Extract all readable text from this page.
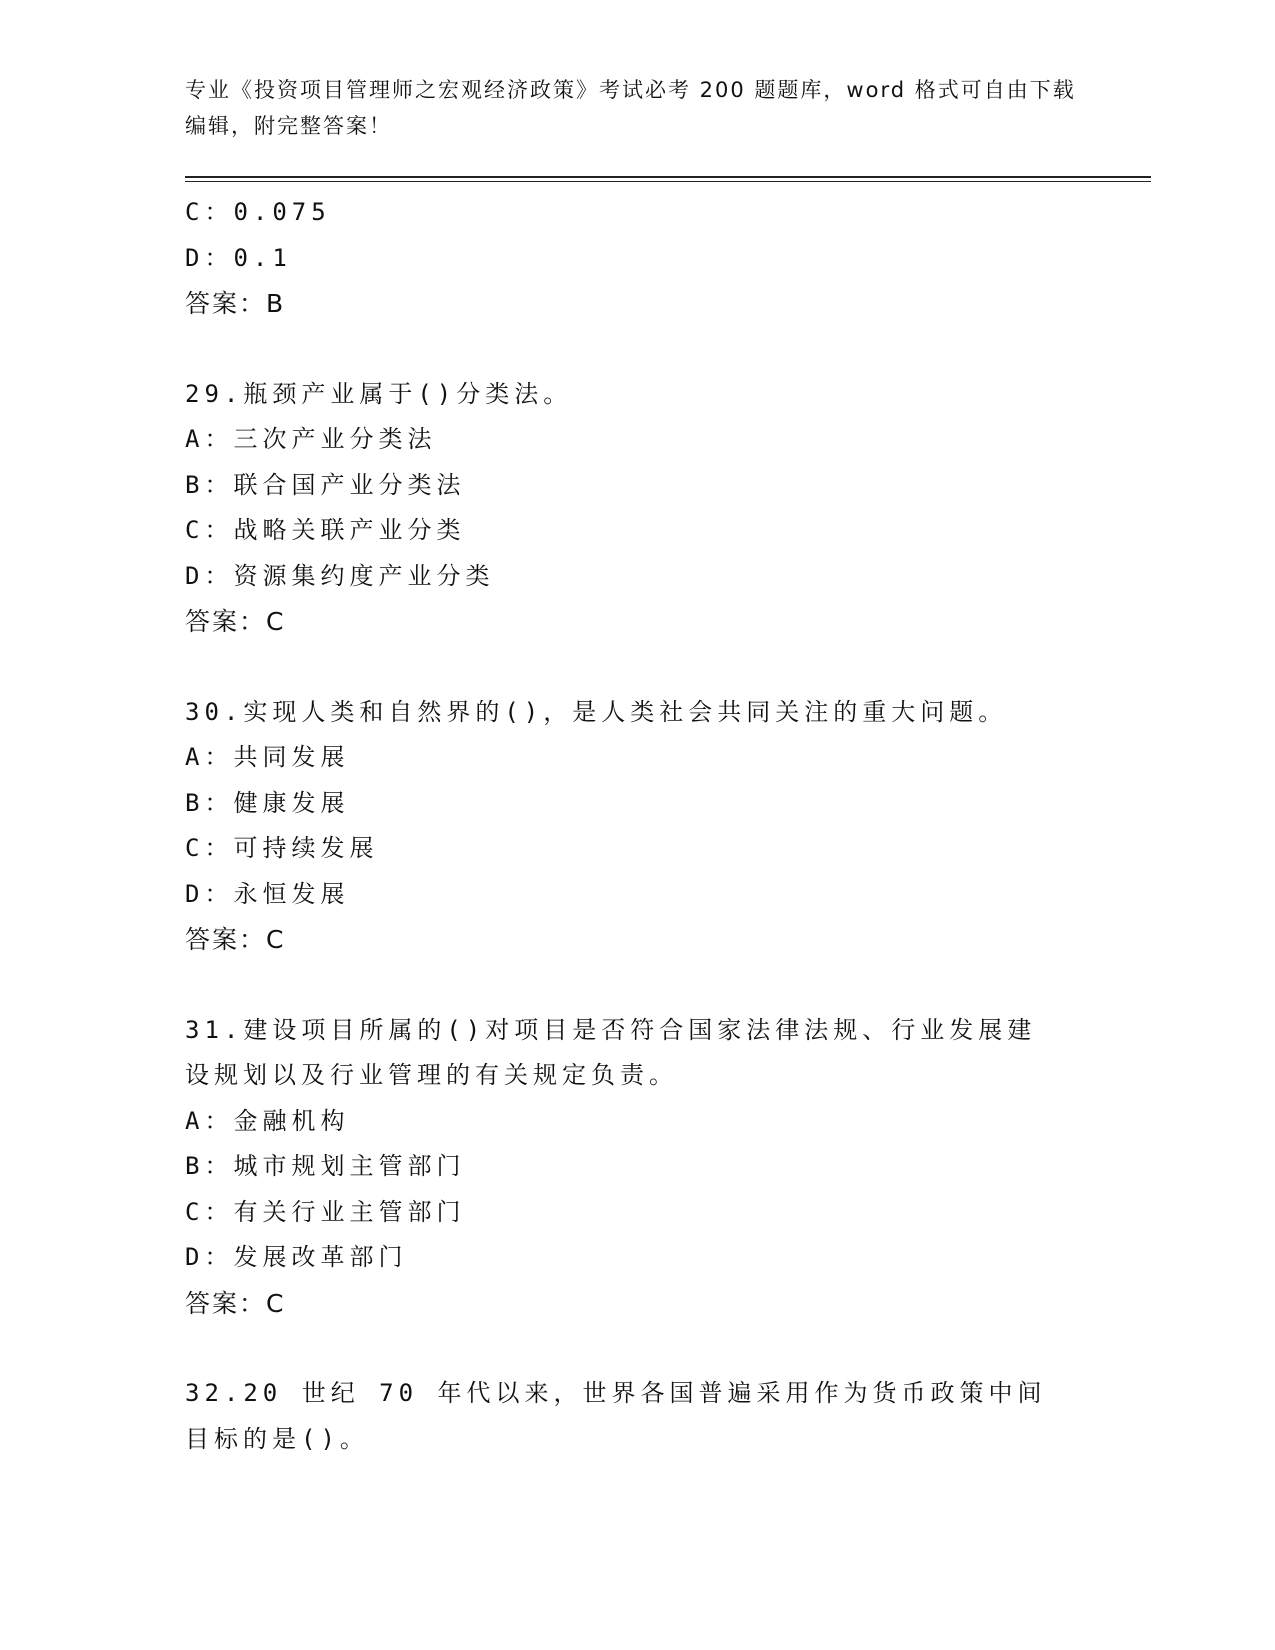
专业《投资项目管理师之宏观经济政策》考试必考 200 题题库，word 格式可自由下载编辑，附完整答案！
C：0.075
D：0.1
答案：B
29.瓶颈产业属于()分类法。
A：三次产业分类法
B：联合国产业分类法
C：战略关联产业分类
D：资源集约度产业分类
答案：C
30.实现人类和自然界的()，是人类社会共同关注的重大问题。
A：共同发展
B：健康发展
C：可持续发展
D：永恒发展
答案：C
31.建设项目所属的()对项目是否符合国家法律法规、行业发展建设规划以及行业管理的有关规定负责。
A：金融机构
B：城市规划主管部门
C：有关行业主管部门
D：发展改革部门
答案：C
32.20 世纪 70 年代以来，世界各国普遍采用作为货币政策中间目标的是()。
